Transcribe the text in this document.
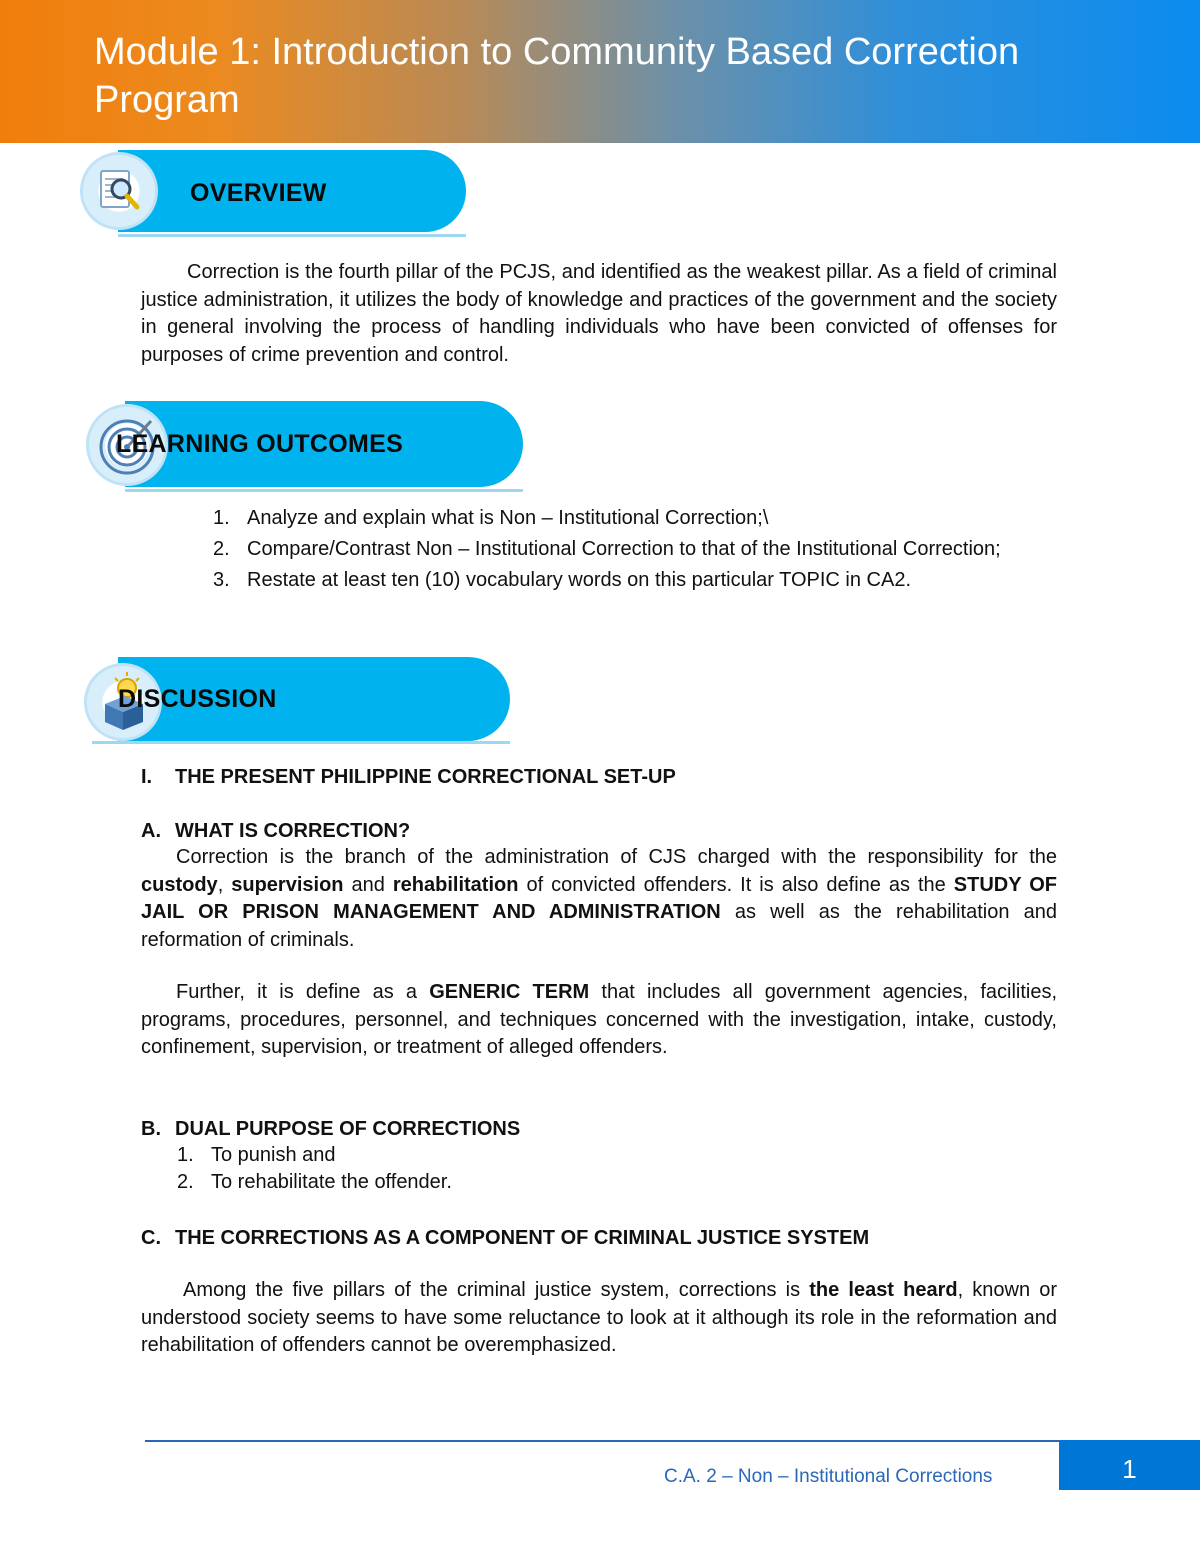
Module 1: Introduction to Community Based Correction Program
OVERVIEW
Correction is the fourth pillar of the PCJS, and identified as the weakest pillar. As a field of criminal justice administration, it utilizes the body of knowledge and practices of the government and the society in general involving the process of handling individuals who have been convicted of offenses for purposes of crime prevention and control.
LEARNING OUTCOMES
1. Analyze and explain what is Non – Institutional Correction;\
2. Compare/Contrast Non – Institutional Correction to that of the Institutional Correction;
3. Restate at least ten (10) vocabulary words on this particular TOPIC in CA2.
DISCUSSION
I. THE PRESENT PHILIPPINE CORRECTIONAL SET-UP
A. WHAT IS CORRECTION?
Correction is the branch of the administration of CJS charged with the responsibility for the custody, supervision and rehabilitation of convicted offenders. It is also define as the STUDY OF JAIL OR PRISON MANAGEMENT AND ADMINISTRATION as well as the rehabilitation and reformation of criminals.
Further, it is define as a GENERIC TERM that includes all government agencies, facilities, programs, procedures, personnel, and techniques concerned with the investigation, intake, custody, confinement, supervision, or treatment of alleged offenders.
B. DUAL PURPOSE OF CORRECTIONS
1. To punish and
2. To rehabilitate the offender.
C. THE CORRECTIONS AS A COMPONENT OF CRIMINAL JUSTICE SYSTEM
Among the five pillars of the criminal justice system, corrections is the least heard, known or understood society seems to have some reluctance to look at it although its role in the reformation and rehabilitation of offenders cannot be overemphasized.
C.A. 2 – Non – Institutional Corrections	1
